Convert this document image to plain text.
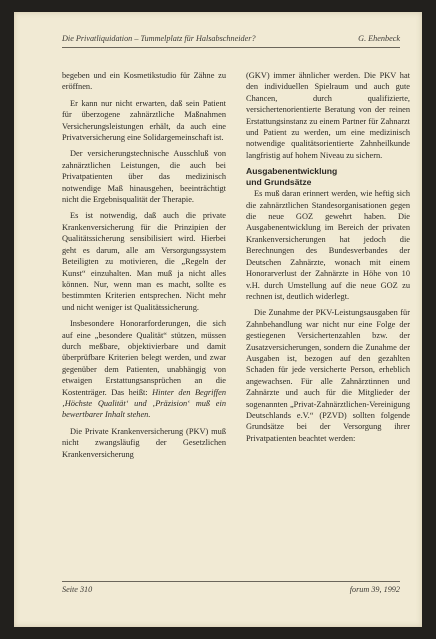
Die Privatliquidation – Tummelplatz für Halsabschneider?	G. Ehenbeck

begeben und ein Kosmetikstudio für Zähne zu eröffnen.

Er kann nur nicht erwarten, daß sein Patient für überzogene zahnärztliche Maßnahmen Versicherungsleistungen erhält, da auch eine Privatversicherung eine Solidargemeinschaft ist.

Der versicherungstechnische Ausschluß von zahnärztlichen Leistungen, die auch bei Privatpatienten über das medizinisch notwendige Maß hinausgehen, beeinträchtigt nicht die Ergebnisqualität der Therapie.

Es ist notwendig, daß auch die private Krankenversicherung für die Prinzipien der Qualitätssicherung sensibilisiert wird. Hierbei geht es darum, alle am Versorgungssystem Beteiligten zu motivieren, die „Regeln der Kunst“ einzuhalten. Man muß ja nicht alles können. Nur, wenn man es macht, sollte es bestimmten Kriterien entsprechen. Nicht mehr und nicht weniger ist Qualitätssicherung.

Insbesondere Honorarforderungen, die sich auf eine „besondere Qualität“ stützen, müssen durch meßbare, objektivierbare und damit überprüfbare Kriterien belegt werden, und zwar gegenüber dem Patienten, unabhängig von etwaigen Erstattungsansprüchen an die Kostenträger. Das heißt: Hinter den Begriffen ‚Höchste Qualität‘ und ‚Präzision‘ muß ein bewertbarer Inhalt stehen.

Die Private Krankenversicherung (PKV) muß nicht zwangsläufig der Gesetzlichen Krankenversicherung

(GKV) immer ähnlicher werden. Die PKV hat den individuellen Spielraum und auch gute Chancen, durch qualifizierte, versichertenorientierte Beratung von der reinen Erstattungsinstanz zu einem Partner für Zahnarzt und Patient zu werden, um eine medizinisch notwendige qualitätsorientierte Zahnheilkunde langfristig auf hohem Niveau zu sichern.

Ausgabenentwicklung
und Grundsätze

Es muß daran erinnert werden, wie heftig sich die zahnärztlichen Standesorganisationen gegen die neue GOZ gewehrt haben. Die Ausgabenentwicklung im Bereich der privaten Krankenversicherungen hat jedoch die Berechnungen des Bundesverbandes der Deutschen Zahnärzte, wonach mit einem Honorarverlust der Zahnärzte in Höhe von 10 v.H. durch Umstellung auf die neue GOZ zu rechnen ist, deutlich widerlegt.

Die Zunahme der PKV-Leistungsausgaben für Zahnbehandlung war nicht nur eine Folge der gestiegenen Versichertenzahlen bzw. der Zusatzversicherungen, sondern die Zunahme der Ausgaben ist, bezogen auf den gezahlten Schaden für jede versicherte Person, erheblich angewachsen. Für alle Zahnärztinnen und Zahnärzte und auch für die Mitglieder der sogenannten „Privat-Zahnärztlichen-Vereinigung Deutschlands e.V.“ (PZVD) sollten folgende Grundsätze bei der Versorgung ihrer Privatpatienten beachtet werden:

Seite 310	forum 39, 1992
